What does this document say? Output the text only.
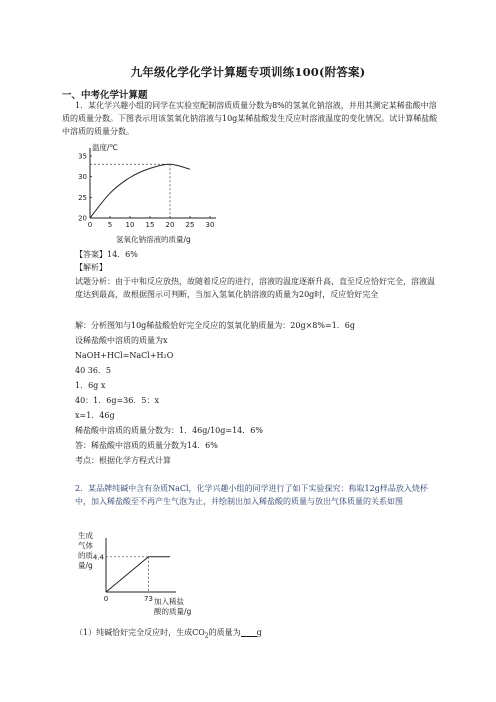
九年级化学化学计算题专项训练100(附答案)
一、中考化学计算题
1．某化学兴趣小组的同学在实验室配制溶质质量分数为8%的氢氧化钠溶液，并用其测定某稀盐酸中溶质的质量分数。下图表示用该氢氧化钠溶液与10g某稀盐酸发生反应时溶液温度的变化情况。试计算稀盐酸中溶质的质量分数。
0 5 10 15 20 25 30
20
25
30
35
温度/℃
氢氧化钠溶液的质量/g
【答案】14．6%
【解析】
试题分析：由于中和反应放热，故随着反应的进行，溶液的温度逐渐升高，直至反应恰好完全，溶液温度达到最高，故根据图示可判断，当加入氢氧化钠溶液的质量为20g时，反应恰好完全
解：分析图知与10g稀盐酸恰好完全反应的氢氧化钠质量为：20g×8%=1．6g
设稀盐酸中溶质的质量为x
NaOH+HCl=NaCl+H₂O
40 36．5
1．6g x
40：1．6g=36．5：x
x=1．46g
稀盐酸中溶质的质量分数为：1．46g/10g=14．6%
答：稀盐酸中溶质的质量分数为14．6%
考点：根据化学方程式计算
2．某品牌纯碱中含有杂质NaCl，化学兴趣小组的同学进行了如下实验探究：称取12g样品放入烧杯中，加入稀盐酸至不再产生气泡为止，并绘制出加入稀盐酸的质量与放出气体质量的关系如图
生成
气体
的质
量/g
加入稀盐
酸的质量/g
4.4
0	73
（1）纯碱恰好完全反应时，生成$CO_2$的质量为 g
